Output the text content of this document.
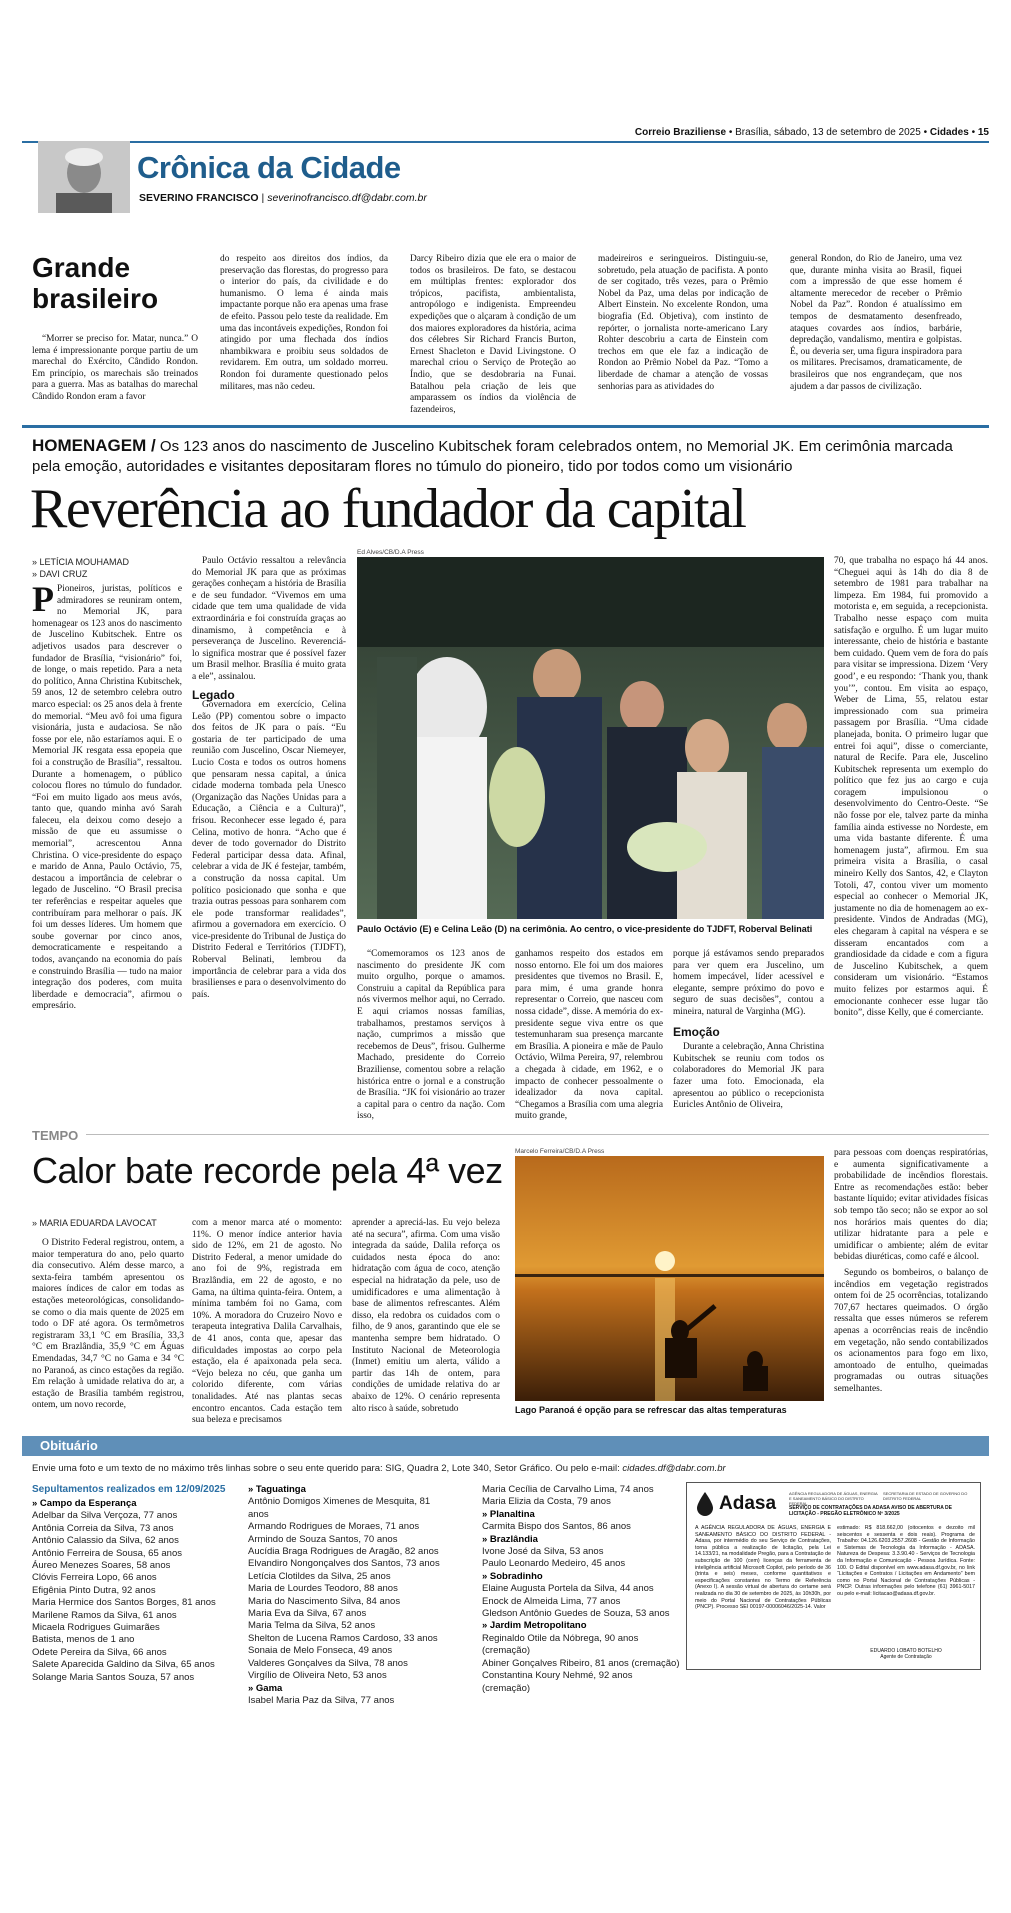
Correio Braziliense • Brasília, sábado, 13 de setembro de 2025 • Cidades • 15
Crônica da Cidade
SEVERINO FRANCISCO | severinofrancisco.df@dabr.com.br
Grande
brasileiro

“Morrer se preciso for. Matar, nunca.” O lema é impressionante porque partiu de um marechal do Exército, Cândido Rondon. Em princípio, os marechais são treinados para a guerra. Mas as batalhas do marechal Cândido Rondon eram a favor

do respeito aos direitos dos índios, da preservação das florestas, do progresso para o interior do país, da civilidade e do humanismo. O lema é ainda mais impactante porque não era apenas uma frase de efeito. Passou pelo teste da realidade. Em uma das incontáveis expedições, Rondon foi atingido por uma flechada dos índios nhambikwara e proibiu seus soldados de revidarem. Em outra, um soldado morreu. Rondon foi duramente questionado pelos militares, mas não cedeu.

Darcy Ribeiro dizia que ele era o maior de todos os brasileiros. De fato, se destacou em múltiplas frentes: explorador dos trópicos, pacifista, ambientalista, antropólogo e indigenista. Empreendeu expedições que o alçaram à condição de um dos maiores exploradores da história, acima dos célebres Sir Richard Francis Burton, Ernest Shacleton e David Livingstone. O marechal criou o Serviço de Proteção ao Índio, que se desdobraria na Funai. Batalhou pela criação de leis que amparassem os índios da violência de fazendeiros,

madeireiros e seringueiros. Distinguiu-se, sobretudo, pela atuação de pacifista. A ponto de ser cogitado, três vezes, para o Prêmio Nobel da Paz, uma delas por indicação de Albert Einstein. No excelente Rondon, uma biografia (Ed. Objetiva), com instinto de repórter, o jornalista norte-americano Lary Rohter descobriu a carta de Einstein com trechos em que ele faz a indicação de Rondon ao Prêmio Nobel da Paz. “Tomo a liberdade de chamar a atenção de vossas senhorias para as atividades do

general Rondon, do Rio de Janeiro, uma vez que, durante minha visita ao Brasil, fiquei com a impressão de que esse homem é altamente merecedor de receber o Prêmio Nobel da Paz”. Rondon é atualíssimo em tempos de desmatamento desenfreado, ataques covardes aos índios, barbárie, depredação, vandalismo, mentira e golpistas. É, ou deveria ser, uma figura inspiradora para os militares. Precisamos, dramaticamente, de brasileiros que nos engrandeçam, que nos ajudem a dar passos de civilização.

HOMENAGEM / Os 123 anos do nascimento de Juscelino Kubitschek foram celebrados ontem, no Memorial JK. Em cerimônia marcada pela emoção, autoridades e visitantes depositaram flores no túmulo do pioneiro, tido por todos como um visionário
Reverência ao fundador da capital
» LETÍCIA MOUHAMAD
» DAVI CRUZ

P Pioneiros, juristas, políticos e admiradores se reuniram ontem, no Memorial JK, para homenagear os 123 anos do nascimento de Juscelino Kubitschek. Entre os adjetivos usados para descrever o fundador de Brasília, “visionário” foi, de longe, o mais repetido. Para a neta do político, Anna Christina Kubitschek, 59 anos, 12 de setembro celebra outro marco especial: os 25 anos dela à frente do memorial. “Meu avô foi uma figura visionária, justa e audaciosa. Se não fosse por ele, não estaríamos aqui. E o Memorial JK resgata essa epopeia que foi a construção de Brasília”, ressaltou. Durante a homenagem, o público colocou flores no túmulo do fundador. “Foi em muito ligado aos meus avós, tanto que, quando minha avó Sarah faleceu, ela deixou como desejo a missão de que eu assumisse o memorial”, acrescentou Anna Christina. O vice-presidente do espaço e marido de Anna, Paulo Octávio, 75, destacou a importância de celebrar o legado de Juscelino. “O Brasil precisa ter referências e respeitar aqueles que contribuíram para melhorar o país. JK foi um desses líderes. Um homem que soube governar por cinco anos, democraticamente e respeitando a todos, avançando na economia do país e construindo Brasília — tudo na maior integração dos poderes, com muita liberdade e democracia”, afirmou o empresário.

Paulo Octávio ressaltou a relevância do Memorial JK para que as próximas gerações conheçam a história de Brasília e de seu fundador. “Vivemos em uma cidade que tem uma qualidade de vida extraordinária e foi construída graças ao dinamismo, à competência e à perseverança de Juscelino. Reverenciá-lo significa mostrar que é possível fazer um Brasil melhor. Brasília é muito grata a ele”, assinalou.

Legado

Governadora em exercício, Celina Leão (PP) comentou sobre o impacto dos feitos de JK para o país. “Eu gostaria de ter participado de uma reunião com Juscelino, Oscar Niemeyer, Lucio Costa e todos os outros homens que pensaram nessa capital, a única cidade moderna tombada pela Unesco (Organização das Nações Unidas para a Educação, a Ciência e a Cultura)”, frisou. Reconhecer esse legado é, para Celina, motivo de honra. “Acho que é dever de todo governador do Distrito Federal participar dessa data. Afinal, celebrar a vida de JK é festejar, também, a construção da nossa capital. Um político posicionado que sonha e que trazia outras pessoas para sonharem com ele pode transformar realidades”, afirmou a governadora em exercício. O vice-presidente do Tribunal de Justiça do Distrito Federal e Territórios (TJDFT), Roberval Belinati, lembrou da importância de celebrar para a vida dos brasilienses e para o desenvolvimento do país.

Ed Alves/CB/D.A Press
Paulo Octávio (E) e Celina Leão (D) na cerimônia. Ao centro, o vice-presidente do TJDFT, Roberval Belinati

“Comemoramos os 123 anos de nascimento do presidente JK com muito orgulho, porque o amamos. Construiu a capital da República para nós vivermos melhor aqui, no Cerrado. E aqui criamos nossas famílias, trabalhamos, prestamos serviços à nação, cumprimos a missão que recebemos de Deus”, frisou. Gulherme Machado, presidente do Correio Braziliense, comentou sobre a relação histórica entre o jornal e a construção de Brasília. “JK foi visionário ao trazer a capital para o centro da nação. Com isso,

ganhamos respeito dos estados em nosso entorno. Ele foi um dos maiores presidentes que tivemos no Brasil. E, para mim, é uma grande honra representar o Correio, que nasceu com nossa cidade”, disse. A memória do ex-presidente segue viva entre os que testemunharam sua presença marcante em Brasília. A pioneira e mãe de Paulo Octávio, Wilma Pereira, 97, relembrou a chegada à cidade, em 1962, e o impacto de conhecer pessoalmente o idealizador da nova capital. “Chegamos a Brasília com uma alegria muito grande,

porque já estávamos sendo preparados para ver quem era Juscelino, um homem impecável, líder acessível e elegante, sempre próximo do povo e seguro de suas decisões”, contou a mineira, natural de Varginha (MG).

Emoção

Durante a celebração, Anna Christina Kubitschek se reuniu com todos os colaboradores do Memorial JK para fazer uma foto. Emocionada, ela apresentou ao público o recepcionista Euricles Antônio de Oliveira,

70, que trabalha no espaço há 44 anos. “Cheguei aqui às 14h do dia 8 de setembro de 1981 para trabalhar na limpeza. Em 1984, fui promovido a motorista e, em seguida, a recepcionista. Trabalho nesse espaço com muita satisfação e orgulho. É um lugar muito interessante, cheio de história e bastante bem cuidado. Quem vem de fora do país para visitar se impressiona. Dizem ‘Very good’, e eu respondo: ‘Thank you, thank you’”, contou. Em visita ao espaço, Weber de Lima, 55, relatou estar impressionado com sua primeira passagem por Brasília. “Uma cidade planejada, bonita. O primeiro lugar que entrei foi aqui”, disse o comerciante, natural de Recife. Para ele, Juscelino Kubitschek representa um exemplo do político que fez jus ao cargo e cuja coragem impulsionou o desenvolvimento do Centro-Oeste. “Se não fosse por ele, talvez parte da minha família ainda estivesse no Nordeste, em uma vida bastante diferente. É uma homenagem justa”, afirmou. Em sua primeira visita a Brasília, o casal mineiro Kelly dos Santos, 42, e Clayton Totoli, 47, contou viver um momento especial ao conhecer o Memorial JK, justamente no dia de homenagem ao ex-presidente. Vindos de Andradas (MG), eles chegaram à capital na véspera e se disseram encantados com a grandiosidade da cidade e com a figura de Juscelino Kubitschek, a quem consideram um visionário. “Estamos muito felizes por estarmos aqui. É emocionante conhecer esse lugar tão bonito”, disse Kelly, que é comerciante.

TEMPO
Calor bate recorde pela 4ª vez
» MARIA EDUARDA LAVOCAT

O Distrito Federal registrou, ontem, a maior temperatura do ano, pelo quarto dia consecutivo. Além desse marco, a sexta-feira também apresentou os maiores índices de calor em todas as estações meteorológicas, consolidando-se como o dia mais quente de 2025 em todo o DF até agora. Os termômetros registraram 33,1 °C em Brasília, 33,3 °C em Brazlândia, 35,9 °C em Águas Emendadas, 34,7 °C no Gama e 34 °C no Paranoá, as cinco estações da região. Em relação à umidade relativa do ar, a estação de Brasília também registrou, ontem, um novo recorde,

com a menor marca até o momento: 11%. O menor índice anterior havia sido de 12%, em 21 de agosto. No Distrito Federal, a menor umidade do ano foi de 9%, registrada em Brazlândia, em 22 de agosto, e no Gama, na última quinta-feira. Ontem, a mínima também foi no Gama, com 10%. A moradora do Cruzeiro Novo e terapeuta integrativa Dalila Carvalhais, de 41 anos, conta que, apesar das dificuldades impostas ao corpo pela estação, ela é apaixonada pela seca. “Vejo beleza no céu, que ganha um colorido diferente, com várias tonalidades. Até nas plantas secas encontro encantos. Cada estação tem sua beleza e precisamos

aprender a apreciá-las. Eu vejo beleza até na secura”, afirma. Com uma visão integrada da saúde, Dalila reforça os cuidados nesta época do ano: hidratação com água de coco, atenção especial na hidratação da pele, uso de umidificadores e uma alimentação à base de alimentos refrescantes. Além disso, ela redobra os cuidados com o filho, de 9 anos, garantindo que ele se mantenha sempre bem hidratado. O Instituto Nacional de Meteorologia (Inmet) emitiu um alerta, válido a partir das 14h de ontem, para condições de umidade relativa do ar abaixo de 12%. O cenário representa alto risco à saúde, sobretudo

Marcelo Ferreira/CB/D.A Press
Lago Paranoá é opção para se refrescar das altas temperaturas

para pessoas com doenças respiratórias, e aumenta significativamente a probabilidade de incêndios florestais. Entre as recomendações estão: beber bastante líquido; evitar atividades físicas sob tempo tão seco; não se expor ao sol nos horários mais quentes do dia; utilizar hidratante para a pele e umidificar o ambiente; além de evitar bebidas diuréticas, como café e álcool.

Segundo os bombeiros, o balanço de incêndios em vegetação registrados ontem foi de 25 ocorrências, totalizando 707,67 hectares queimados. O órgão ressalta que esses números se referem apenas a ocorrências reais de incêndio em vegetação, não sendo contabilizados os acionamentos para fogo em lixo, amontoado de entulho, queimadas programadas ou outras situações semelhantes.

Obituário
Envie uma foto e um texto de no máximo três linhas sobre o seu ente querido para: SIG, Quadra 2, Lote 340, Setor Gráfico. Ou pelo e-mail: cidades.df@dabr.com.br
Sepultamentos realizados em 12/09/2025
» Campo da Esperança
Adelbar da Silva Verçoza, 77 anos
Antônia Correia da Silva, 73 anos
Antônio Calassio da Silva, 62 anos
Antônio Ferreira de Sousa, 65 anos
Áureo Menezes Soares, 58 anos
Clóvis Ferreira Lopo, 66 anos
Efigênia Pinto Dutra, 92 anos
Maria Hermice dos Santos Borges, 81 anos
Marilene Ramos da Silva, 61 anos
Micaela Rodrigues Guimarães
Batista, menos de 1 ano
Odete Pereira da Silva, 66 anos
Salete Aparecida Galdino da Silva, 65 anos
Solange Maria Santos Souza, 57 anos
» Taguatinga
Antônio Domigos Ximenes de Mesquita, 81 anos
Armando Rodrigues de Moraes, 71 anos
Armindo de Souza Santos, 70 anos
Aucídia Braga Rodrigues de Aragão, 82 anos
Elvandiro Nongonçalves dos Santos, 73 anos
Letícia Clotildes da Silva, 25 anos
Maria de Lourdes Teodoro, 88 anos
Maria do Nascimento Silva, 84 anos
Maria Eva da Silva, 67 anos
Maria Telma da Silva, 52 anos
Shelton de Lucena Ramos Cardoso, 33 anos
Sonaia de Melo Fonseca, 49 anos
Valderes Gonçalves da Silva, 78 anos
Virgílio de Oliveira Neto, 53 anos
» Gama
Isabel Maria Paz da Silva, 77 anos
Maria Cecília de Carvalho Lima, 74 anos
Maria Elizia da Costa, 79 anos
» Planaltina
Carmita Bispo dos Santos, 86 anos
» Brazlândia
Ivone José da Silva, 53 anos
Paulo Leonardo Medeiro, 45 anos
» Sobradinho
Elaine Augusta Portela da Silva, 44 anos
Enock de Almeida Lima, 77 anos
Gledson Antônio Guedes de Souza, 53 anos
» Jardim Metropolitano
Reginaldo Otile da Nóbrega, 90 anos (cremação)
Abiner Gonçalves Ribeiro, 81 anos (cremação)
Constantina Koury Nehmé, 92 anos (cremação)
Adasa	AGÊNCIA REGULADORA DE ÁGUAS, ENERGIA E SANEAMENTO BÁSICO DO DISTRITO FEDERAL
SECRETARIA DE ESTADO DE GOVERNO DO DISTRITO FEDERAL
SERVIÇO DE CONTRATAÇÕES DA ADASA AVISO DE ABERTURA DE LICITAÇÃO - PREGÃO ELETRÔNICO Nº 3/2025
A AGÊNCIA REGULADORA DE ÁGUAS, ENERGIA E SANEAMENTO BÁSICO DO DISTRITO FEDERAL - Adasa, por intermédio do seu Serviço de Contratações, torna pública a realização de licitação, pela Lei 14.133/21, na modalidade Pregão, para a Contratação de subscrição de 100 (cem) licenças da ferramenta de inteligência artificial Microsoft Copilot, pelo período de 36 (trinta e seis) meses, conforme quantitativos e especificações constantes no Termo de Referência (Anexo I). A sessão virtual de abertura do certame será realizada no dia 30 de setembro de 2025, às 10h30h, por meio do Portal Nacional de Contratações Públicas (PNCP). Processo SEI 00197-00006046/2025-14. Valor
estimado: R$ 818.662,00 (oitocentos e dezoito mil seiscentos e sessenta e dois reais). Programa de Trabalho: 04.126.6203.2557.2608 - Gestão de Informação e Sistemas de Tecnologia da Informação - ADASA. Natureza de Despesa: 3.3.90.40 - Serviços de Tecnologia da Informação e Comunicação - Pessoa Jurídica. Fonte: 100. O Edital disponível em www.adasa.df.gov.br, no link “Licitações e Contratos / Licitações em Andamento” bem como no Portal Nacional de Contratações Públicas - PNCP. Outras informações pelo telefone (61) 3961-5017 ou pelo e-mail: licitacao@adasa.df.gov.br.
EDUARDO LOBATO BOTELHO
Agente de Contratação
